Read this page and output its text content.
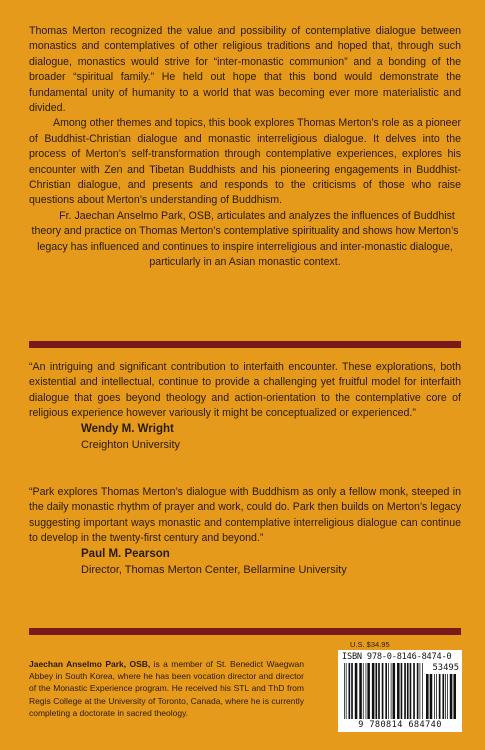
Thomas Merton recognized the value and possibility of contemplative dialogue between monastics and contemplatives of other religious traditions and hoped that, through such dialogue, monastics would strive for “inter-monastic communion” and a bonding of the broader “spiritual family.” He held out hope that this bond would demonstrate the fundamental unity of humanity to a world that was becoming ever more materialistic and divided.

Among other themes and topics, this book explores Thomas Merton’s role as a pioneer of Buddhist-Christian dialogue and monastic interreligious dialogue. It delves into the process of Merton’s self-transformation through contemplative experiences, explores his encounter with Zen and Tibetan Buddhists and his pioneering engagements in Buddhist-Christian dialogue, and presents and responds to the criticisms of those who raise questions about Merton’s understanding of Buddhism.

Fr. Jaechan Anselmo Park, OSB, articulates and analyzes the influences of Buddhist theory and practice on Thomas Merton’s contemplative spirituality and shows how Merton’s legacy has influenced and continues to inspire interreligious and inter-monastic dialogue, particularly in an Asian monastic context.

“An intriguing and significant contribution to interfaith encounter. These explorations, both existential and intellectual, continue to provide a challenging yet fruitful model for interfaith dialogue that goes beyond theology and action-orientation to the contemplative core of religious experience however variously it might be conceptualized or experienced.”

Wendy M. Wright

Creighton University

“Park explores Thomas Merton’s dialogue with Buddhism as only a fellow monk, steeped in the daily monastic rhythm of prayer and work, could do. Park then builds on Merton’s legacy suggesting important ways monastic and contemplative interreligious dialogue can continue to develop in the twenty-first century and beyond.”

Paul M. Pearson

Director, Thomas Merton Center, Bellarmine University

Jaechan Anselmo Park, OSB, is a member of St. Benedict Waegwan Abbey in South Korea, where he has been vocation director and director of the Monastic Experience program. He received his STL and ThD from Regis College at the University of Toronto, Canada, where he is currently completing a doctorate in sacred theology.
U.S. $34.95
ISBN 978-0-8146-8474-0
53495
9 780814 684740
